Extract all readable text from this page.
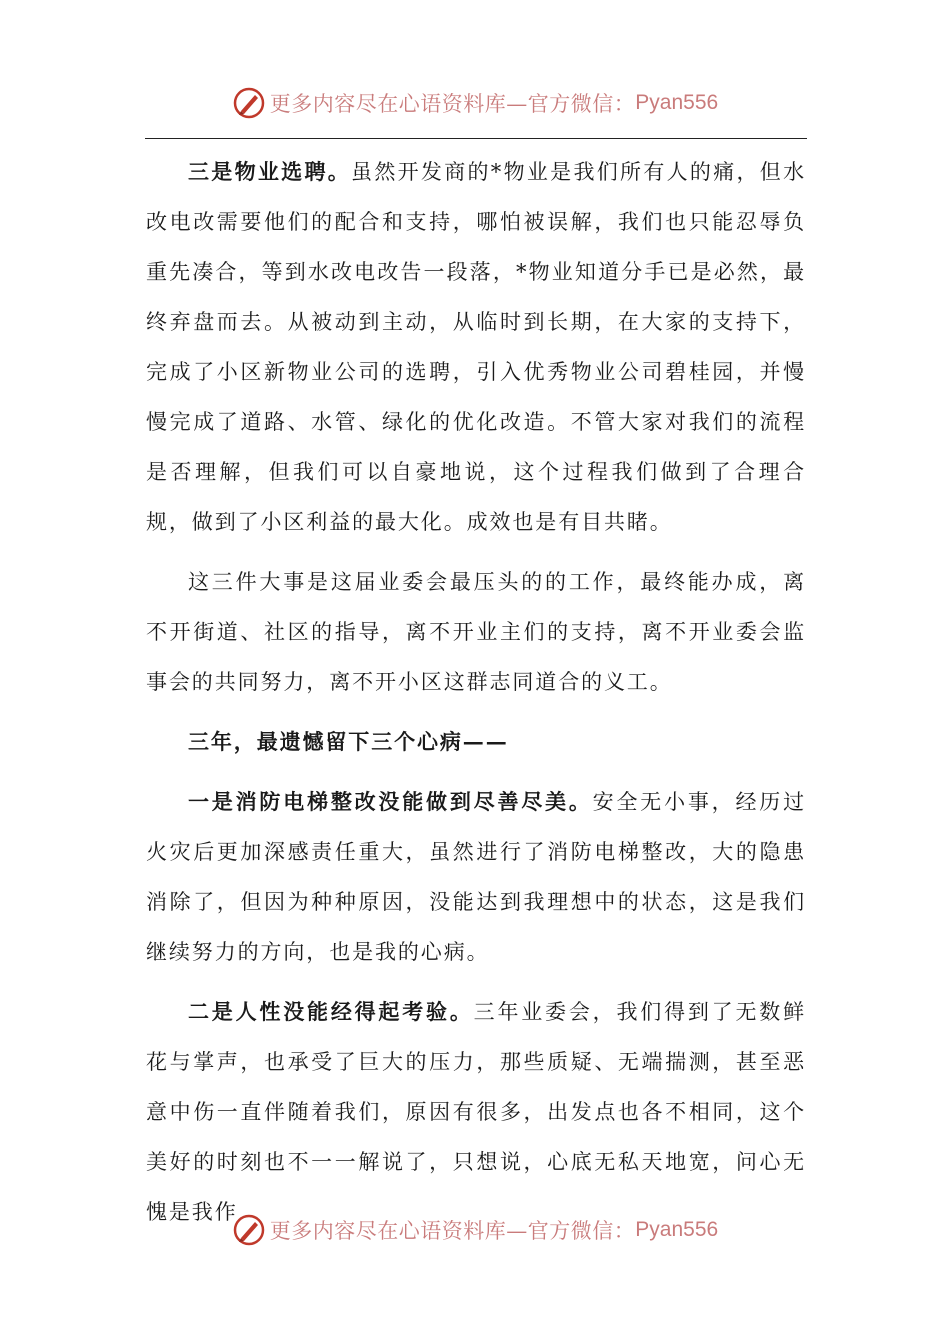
更多内容尽在心语资料库—官方微信： Pyan556

三是物业选聘。虽然开发商的*物业是我们所有人的痛，但水改电改需要他们的配合和支持，哪怕被误解，我们也只能忍辱负重先凑合，等到水改电改告一段落，*物业知道分手已是必然，最终弃盘而去。从被动到主动，从临时到长期，在大家的支持下，完成了小区新物业公司的选聘，引入优秀物业公司碧桂园，并慢慢完成了道路、水管、绿化的优化改造。不管大家对我们的流程是否理解，但我们可以自豪地说，这个过程我们做到了合理合规，做到了小区利益的最大化。成效也是有目共睹。

这三件大事是这届业委会最压头的的工作，最终能办成，离不开街道、社区的指导，离不开业主们的支持，离不开业委会监事会的共同努力，离不开小区这群志同道合的义工。

三年，最遗憾留下三个心病——

一是消防电梯整改没能做到尽善尽美。安全无小事，经历过火灾后更加深感责任重大，虽然进行了消防电梯整改，大的隐患消除了，但因为种种原因，没能达到我理想中的状态，这是我们继续努力的方向，也是我的心病。

二是人性没能经得起考验。三年业委会，我们得到了无数鲜花与掌声，也承受了巨大的压力，那些质疑、无端揣测，甚至恶意中伤一直伴随着我们，原因有很多，出发点也各不相同，这个美好的时刻也不一一解说了，只想说，心底无私天地宽，问心无愧是我作

更多内容尽在心语资料库—官方微信： Pyan556
